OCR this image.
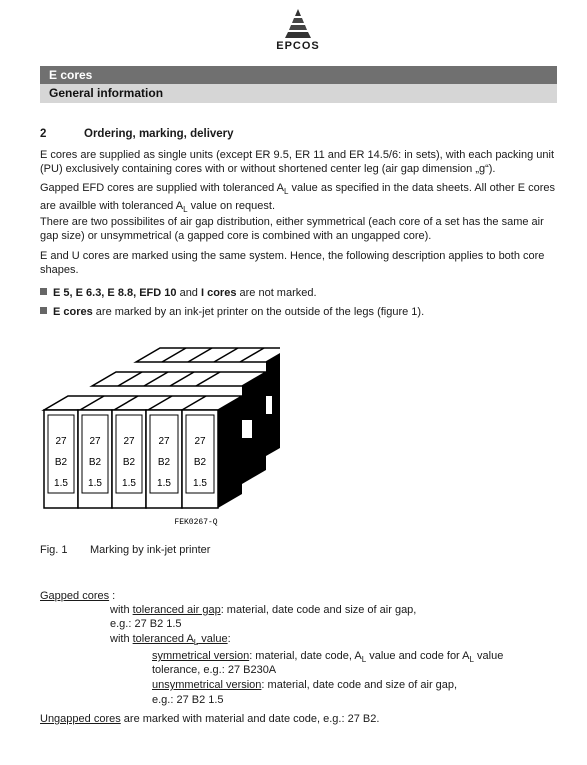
EPCOS
E cores
General information
2	Ordering, marking, delivery
E cores are supplied as single units (except ER 9.5, ER 11 and ER 14.5/6: in sets), with each packing unit (PU) exclusively containing cores with or without shortened center leg (air gap dimension „g“).
Gapped EFD cores are supplied with toleranced $A_L$ value as specified in the data sheets. All other E cores are availble with toleranced $A_L$ value on request.
There are two possibilites of air gap distribution, either symmetrical (each core of a set has the same air gap size) or unsymmetrical (a gapped core is combined with an ungapped core).
E and U cores are marked using the same system. Hence, the following description applies to both core shapes.
E 5, E 6.3, E 8.8, EFD 10 and I cores are not marked.
E cores are marked by an ink-jet printer on the outside of the legs (figure 1).
27
B2
1.5
27
B2
1.5
27
B2
1.5
27
B2
1.5
27
B2
1.5
FEK0267-Q
Fig. 1 Marking by ink-jet printer
Gapped cores :
with toleranced air gap: material, date code and size of air gap,
e.g.: 27 B2 1.5
with toleranced $A_L$ value:
symmetrical version: material, date code, $A_L$ value and code for $A_L$ value
tolerance, e.g.: 27 B230A
unsymmetrical version: material, date code and size of air gap,
e.g.: 27 B2 1.5
Ungapped cores are marked with material and date code, e.g.: 27 B2.
